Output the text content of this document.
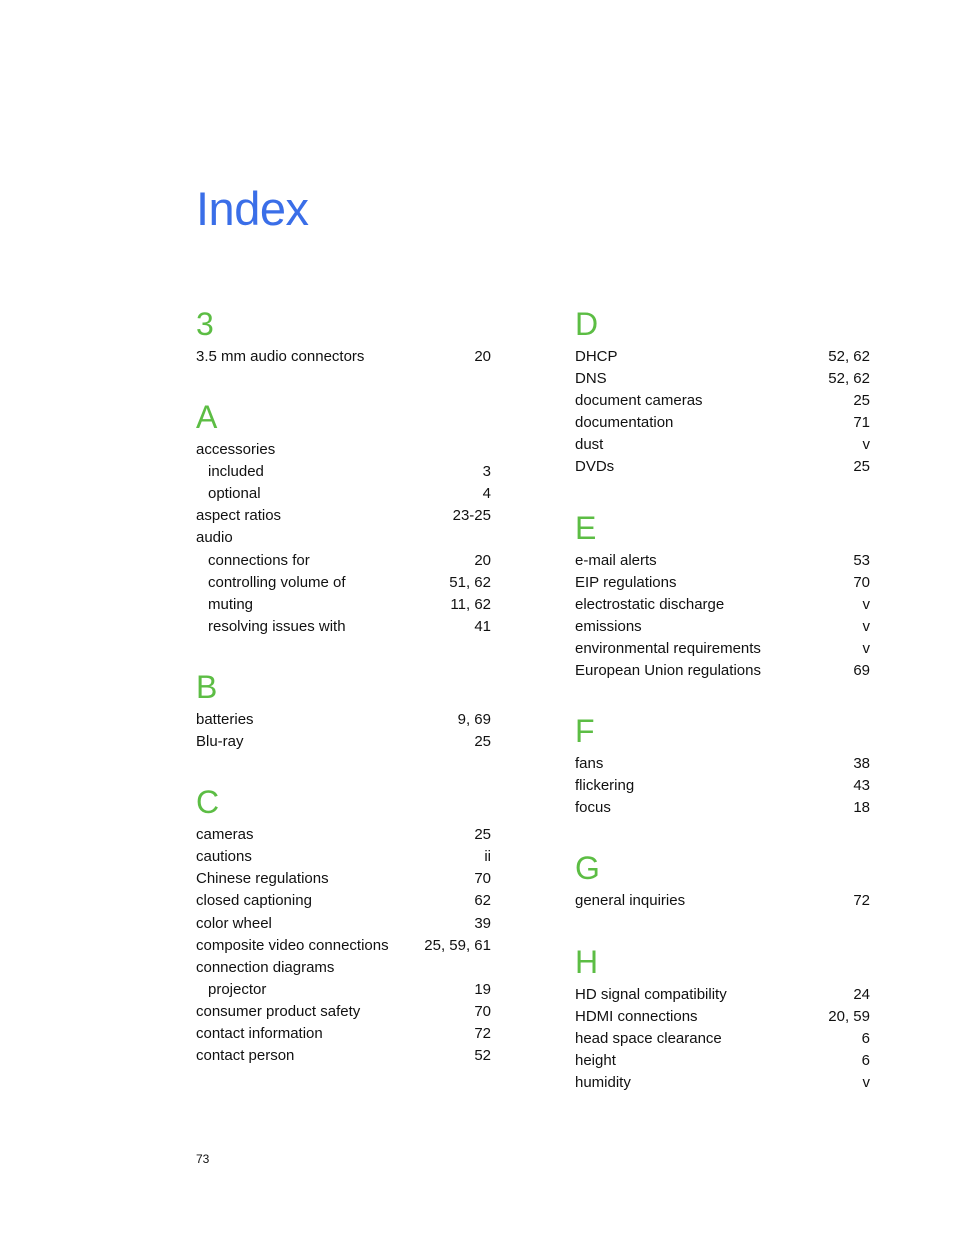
Index
3
3.5 mm audio connectors	20
A
accessories
included	3
optional	4
aspect ratios	23-25
audio
connections for	20
controlling volume of	51, 62
muting	11, 62
resolving issues with	41
B
batteries	9, 69
Blu-ray	25
C
cameras	25
cautions	ii
Chinese regulations	70
closed captioning	62
color wheel	39
composite video connections 25, 59, 61
connection diagrams
projector	19
consumer product safety	70
contact information	72
contact person	52
D
DHCP	52, 62
DNS	52, 62
document cameras	25
documentation	71
dust	v
DVDs	25
E
e-mail alerts	53
EIP regulations	70
electrostatic discharge	v
emissions	v
environmental requirements	v
European Union regulations	69
F
fans	38
flickering	43
focus	18
G
general inquiries	72
H
HD signal compatibility	24
HDMI connections	20, 59
head space clearance	6
height	6
humidity	v
73
